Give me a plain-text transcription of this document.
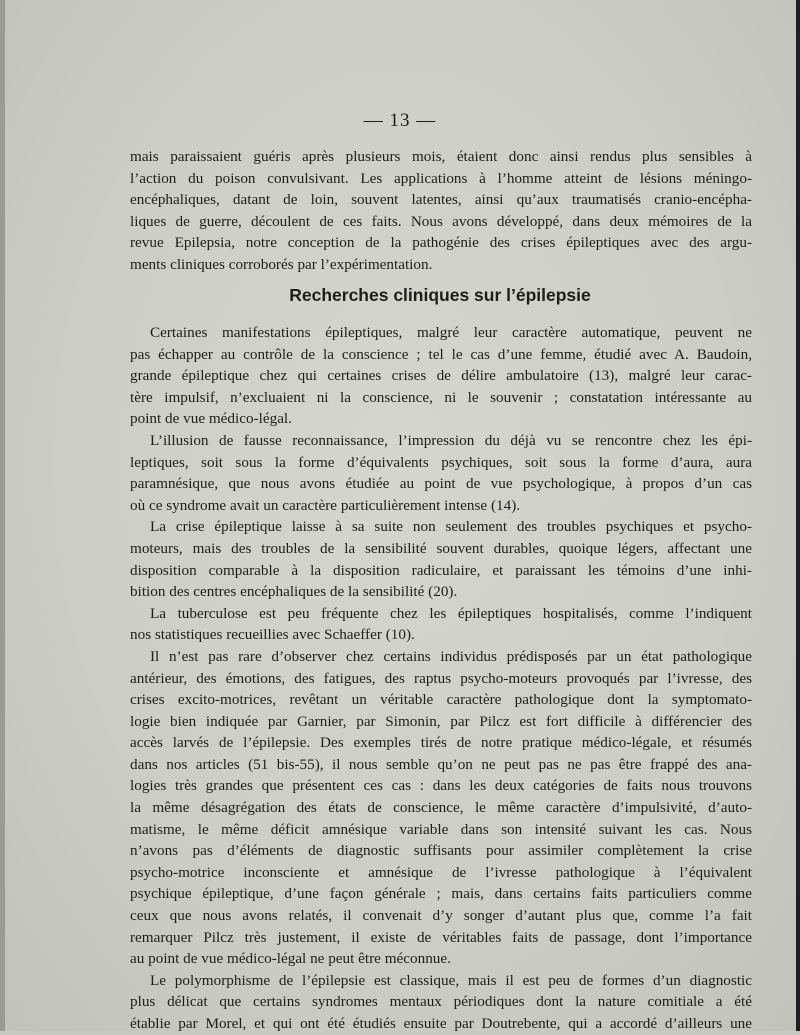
— 13 —
mais paraissaient guéris après plusieurs mois, étaient donc ainsi rendus plus sensibles à
l’action du poison convulsivant. Les applications à l’homme atteint de lésions méningo-
encéphaliques, datant de loin, souvent latentes, ainsi qu’aux traumatisés cranio-encépha-
liques de guerre, découlent de ces faits. Nous avons développé, dans deux mémoires de la
revue Epilepsia, notre conception de la pathogénie des crises épileptiques avec des argu-
ments cliniques corroborés par l’expérimentation.
Recherches cliniques sur l’épilepsie
Certaines manifestations épileptiques, malgré leur caractère automatique, peuvent ne
pas échapper au contrôle de la conscience ; tel le cas d’une femme, étudié avec A. Baudoin,
grande épileptique chez qui certaines crises de délire ambulatoire (13), malgré leur carac-
tère impulsif, n’excluaient ni la conscience, ni le souvenir ; constatation intéressante au
point de vue médico-légal.
L’illusion de fausse reconnaissance, l’impression du déjà vu se rencontre chez les épi-
leptiques, soit sous la forme d’équivalents psychiques, soit sous la forme d’aura, aura
paramnésique, que nous avons étudiée au point de vue psychologique, à propos d’un cas
où ce syndrome avait un caractère particulièrement intense (14).
La crise épileptique laisse à sa suite non seulement des troubles psychiques et psycho-
moteurs, mais des troubles de la sensibilité souvent durables, quoique légers, affectant une
disposition comparable à la disposition radiculaire, et paraissant les témoins d’une inhi-
bition des centres encéphaliques de la sensibilité (20).
La tuberculose est peu fréquente chez les épileptiques hospitalisés, comme l’indiquent
nos statistiques recueillies avec Schaeffer (10).
Il n’est pas rare d’observer chez certains individus prédisposés par un état pathologique
antérieur, des émotions, des fatigues, des raptus psycho-moteurs provoqués par l’ivresse, des
crises excito-motrices, revêtant un véritable caractère pathologique dont la symptomato-
logie bien indiquée par Garnier, par Simonin, par Pilcz est fort difficile à différencier des
accès larvés de l’épilepsie. Des exemples tirés de notre pratique médico-légale, et résumés
dans nos articles (51 bis-55), il nous semble qu’on ne peut pas ne pas être frappé des ana-
logies très grandes que présentent ces cas : dans les deux catégories de faits nous trouvons
la même désagrégation des états de conscience, le même caractère d’impulsivité, d’auto-
matisme, le même déficit amnésique variable dans son intensité suivant les cas. Nous
n’avons pas d’éléments de diagnostic suffisants pour assimiler complètement la crise
psycho-motrice inconsciente et amnésique de l’ivresse pathologique à l’équivalent
psychique épileptique, d’une façon générale ; mais, dans certains faits particuliers comme
ceux que nous avons relatés, il convenait d’y songer d’autant plus que, comme l’a fait
remarquer Pilcz très justement, il existe de véritables faits de passage, dont l’importance
au point de vue médico-légal ne peut être méconnue.
Le polymorphisme de l’épilepsie est classique, mais il est peu de formes d’un diagnostic
plus délicat que certains syndromes mentaux périodiques dont la nature comitiale a été
établie par Morel, et qui ont été étudiés ensuite par Doutrebente, qui a accordé d’ailleurs une
